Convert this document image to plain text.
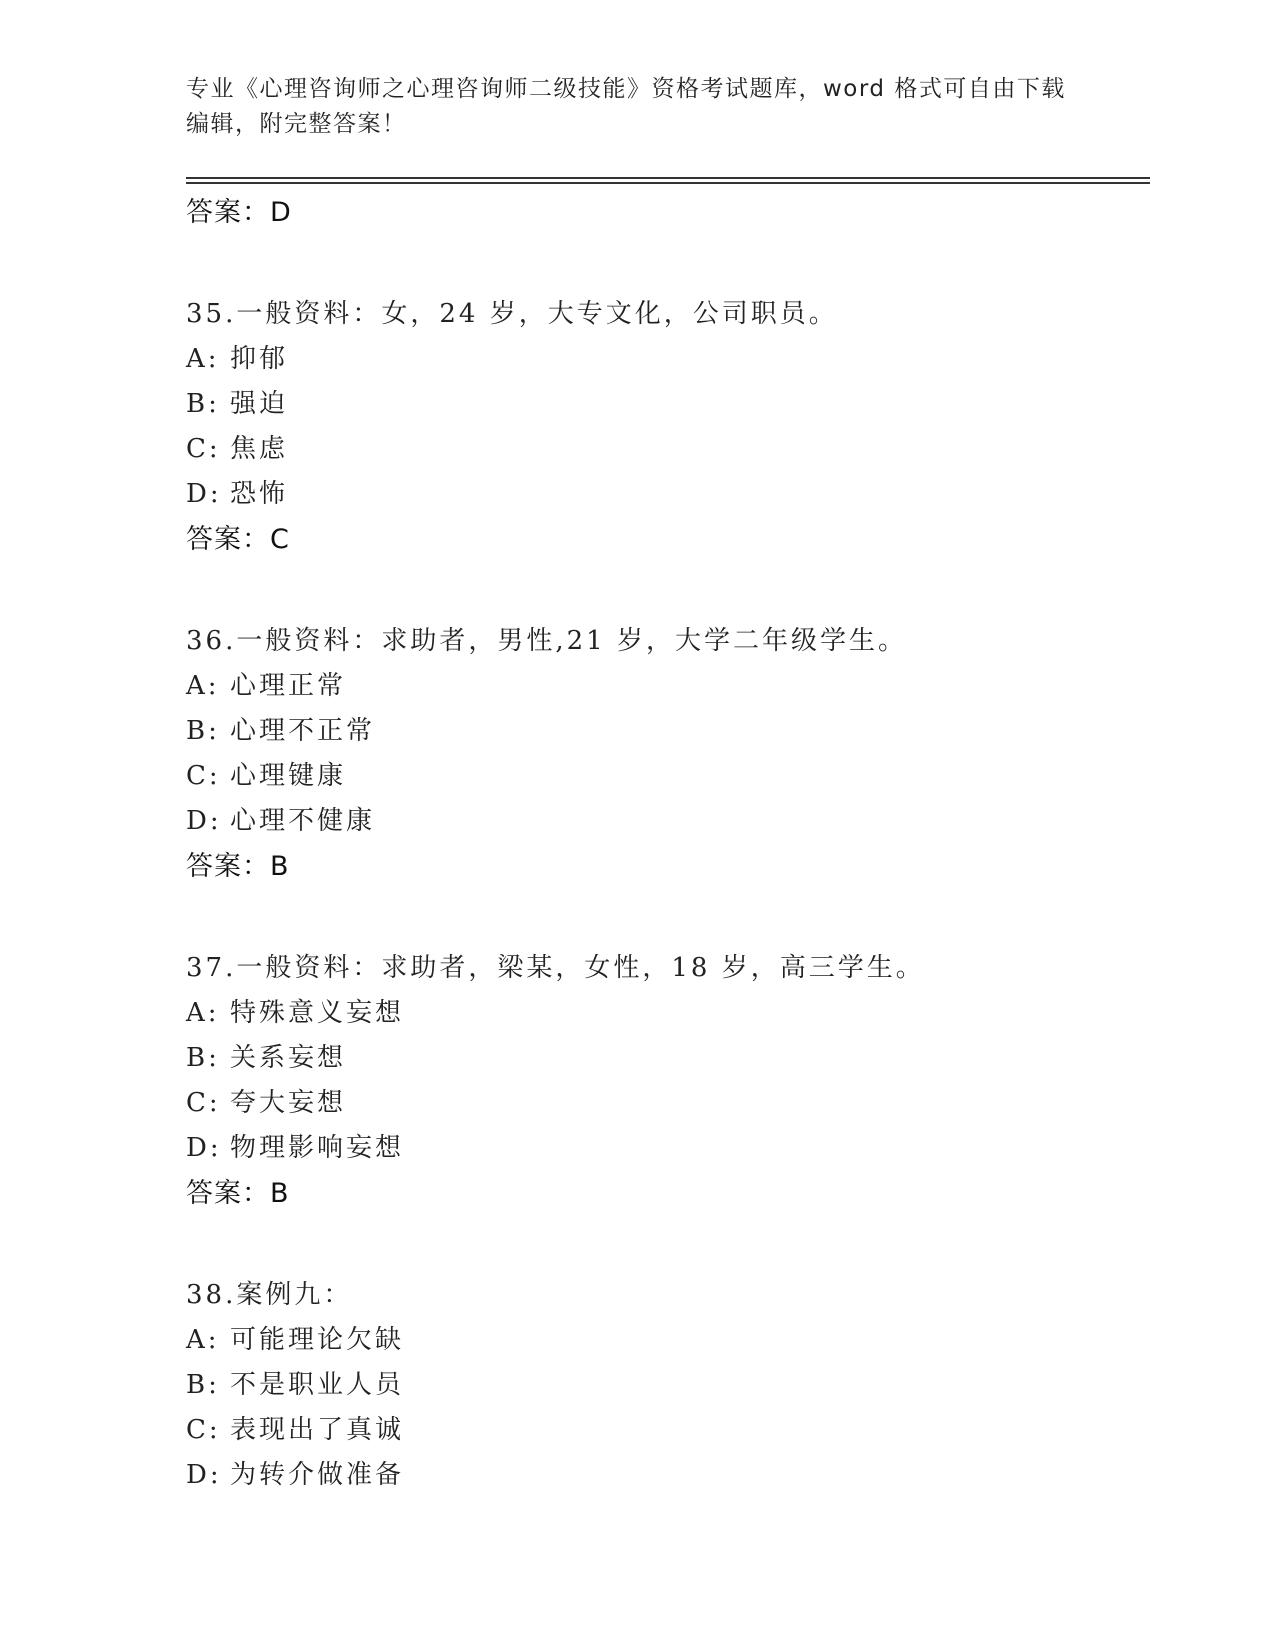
专业《心理咨询师之心理咨询师二级技能》资格考试题库，word 格式可自由下载
编辑，附完整答案！
答案：D
35.一般资料：女，24 岁，大专文化，公司职员。
A: 抑郁
B: 强迫
C: 焦虑
D: 恐怖
答案：C
36.一般资料：求助者，男性,21 岁，大学二年级学生。
A: 心理正常
B: 心理不正常
C: 心理键康
D: 心理不健康
答案：B
37.一般资料：求助者，梁某，女性，18 岁，高三学生。
A: 特殊意义妄想
B: 关系妄想
C: 夸大妄想
D: 物理影响妄想
答案：B
38.案例九：
A: 可能理论欠缺
B: 不是职业人员
C: 表现出了真诚
D: 为转介做准备
